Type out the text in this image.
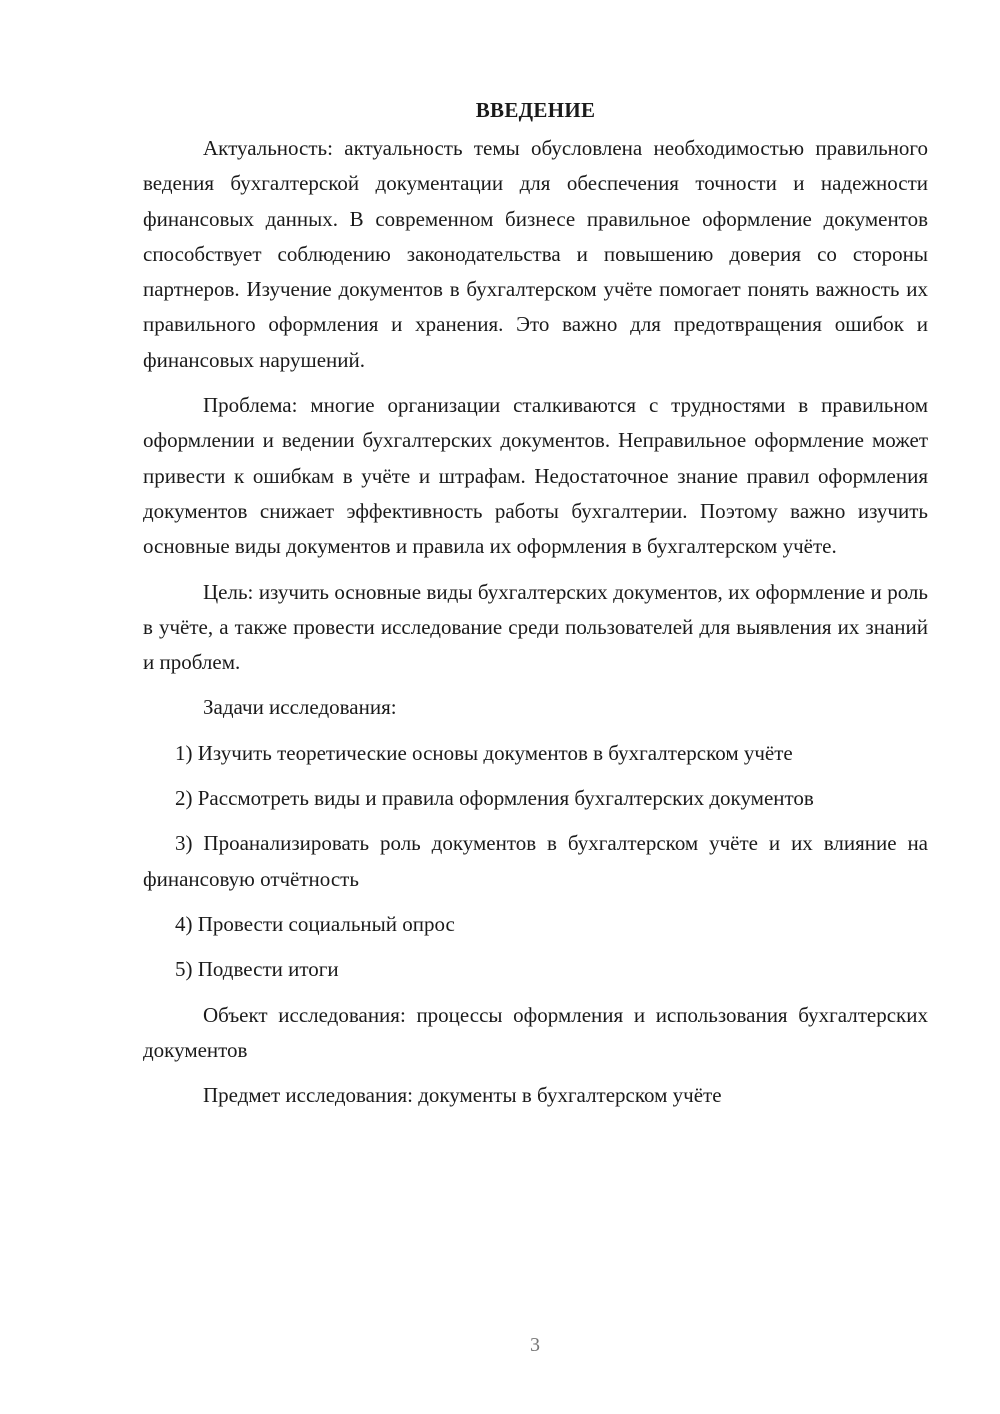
ВВЕДЕНИЕ

Актуальность: актуальность темы обусловлена необходимостью правильного ведения бухгалтерской документации для обеспечения точности и надежности финансовых данных. В современном бизнесе правильное оформление документов способствует соблюдению законодательства и повышению доверия со стороны партнеров. Изучение документов в бухгалтерском учёте помогает понять важность их правильного оформления и хранения. Это важно для предотвращения ошибок и финансовых нарушений.

Проблема: многие организации сталкиваются с трудностями в правильном оформлении и ведении бухгалтерских документов. Неправильное оформление может привести к ошибкам в учёте и штрафам. Недостаточное знание правил оформления документов снижает эффективность работы бухгалтерии. Поэтому важно изучить основные виды документов и правила их оформления в бухгалтерском учёте.

Цель: изучить основные виды бухгалтерских документов, их оформление и роль в учёте, а также провести исследование среди пользователей для выявления их знаний и проблем.

Задачи исследования:

1) Изучить теоретические основы документов в бухгалтерском учёте

2) Рассмотреть виды и правила оформления бухгалтерских документов

3) Проанализировать роль документов в бухгалтерском учёте и их влияние на финансовую отчётность

4) Провести социальный опрос

5) Подвести итоги

Объект исследования: процессы оформления и использования бухгалтерских документов

Предмет исследования: документы в бухгалтерском учёте

3
